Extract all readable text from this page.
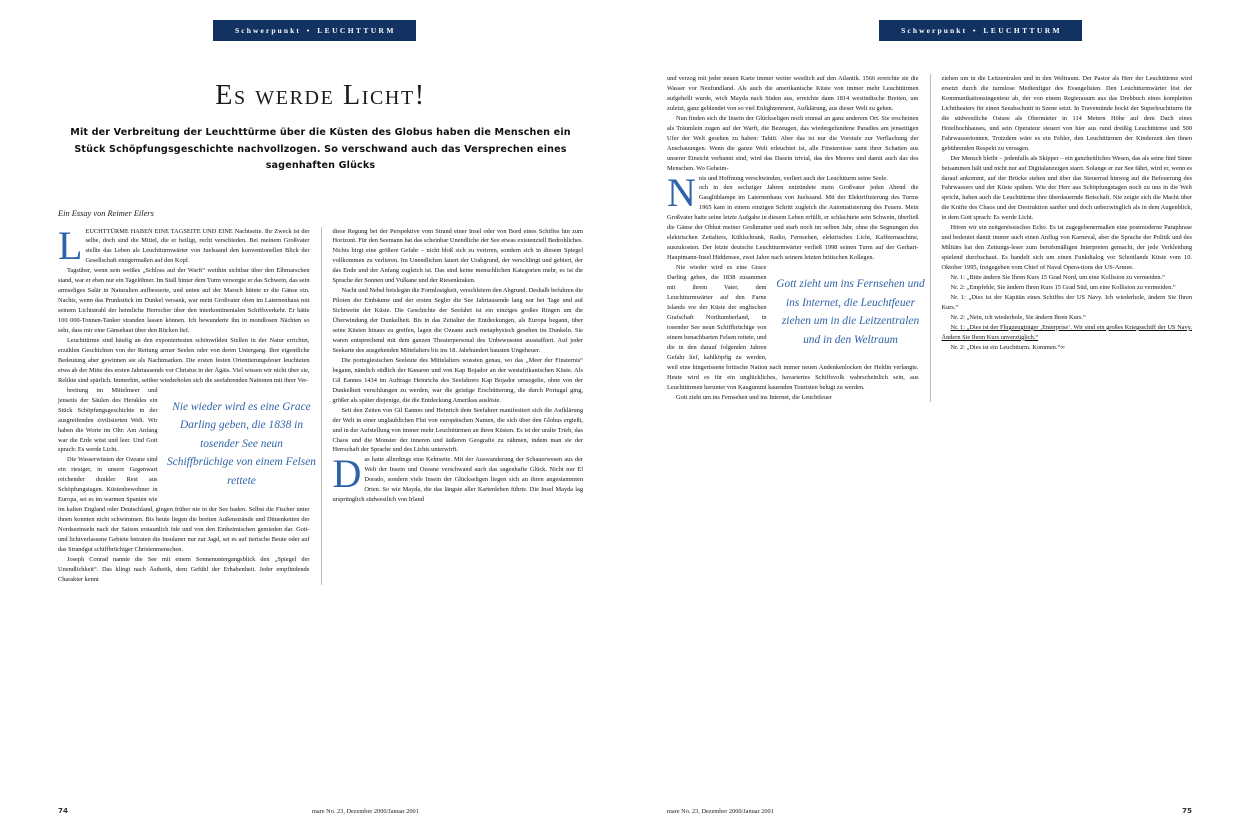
Schwerpunkt • LEUCHTTURM
Es werde Licht!
Mit der Verbreitung der Leuchttürme über die Küsten des Globus haben die Menschen ein Stück Schöpfungsgeschichte nachvollzogen. So verschwand auch das Versprechen eines sagenhaften Glücks
Ein Essay von Reimer Eilers

LEUCHTTÜRME HABEN EINE TAGSEITE UND EINE Nachtseite. Ihr Zweck ist der selbe, doch sind die Mittel, die er heiligt, recht verschieden. Bei meinem Großvater stellte das Leben als Leuchtturmwärter von Juelssand den konventionellen Blick der Gesellschaft einigermaßen auf den Kopf.

Tagsüber, wenn sein weißes „Schloss auf der Warft“ weithin sichtbar über den Elbmarschen stand, war er eben nur ein Tagelöhner. Im Stall hinter dem Turm versorgte er das Schwein, das sein armseliges Salär in Naturalien aufbesserte, und unten auf der Marsch hütete er die Gänse ein. Nachts, wenn das Prunkstück im Dunkel versank, war mein Großvater oben im Laternenhaus mit seinem Lichtstrahl der heimliche Herrscher über den interkontinentalen Schiffsverkehr. Er hätte 100 000-Tonnen-Tanker stranden lassen können. Ich bewunderte ihn in mondlosen Nächten so sehr, dass mir eine Gänsehaut über den Rücken lief.

Leuchttürme sind häufig an den exponiertesten schönwilden Stellen in der Natur errichtet, erzählen Geschichten von der Rettung armer Seelen oder von deren Untergang. Ihre eigentliche Bedeutung aber gewinnen sie als Nachtmarken. Die ersten festen Orientierungsfeuer leuchteten etwa ab der Mitte des ersten Jahrtausends vor Christus in der Ägäis. Viel wissen wir nicht über sie, Relikte sind spärlich. Immerhin, seither wiederholen sich die seefahrenden Nationen mit ihrer Ver-

Nie wieder wird es eine Grace Darling geben, die 1838 in tosender See neun Schiffbrüchige von einem Felsen rettete

breitung im Mittelmeer und jenseits der Säulen des Herakles ein Stück Schöpfungsgeschichte in der ausgreifenden zivilisierten Welt. Wir haben die Worte im Ohr: Am Anfang war die Erde wüst und leer. Und Gott sprach: Es werde Licht.

Die Wasserwüsten der Ozeane sind ein riesiger, in unsere Gegenwart reichender dunkler Rest aus Schöpfungstagen. Küstenbewohner in Europa, sei es im warmen Spanien wie im kalten England oder Deutschland, gingen früher nie in der See baden. Selbst die Fischer unter ihnen konnten nicht schwimmen. Bis heute liegen die breiten Außenstrände und Dünenketten der Nordseeinseln nach der Saison erstaunlich öde und von den Einheimischen gemieden dar. Gott- und lichtverlassene Gebiete betraten die Insulaner nur zur Jagd, sei es auf tierische Beute oder auf das Strandgut schiffbrüchiger Christenmenschen.

Joseph Conrad nannte die See mit einem Sonnenuntergangsblick den „Spiegel der Unendlichkeit“. Das klingt nach Ästhetik, dem Gefühl der Erhabenheit. Jeder empfindende Charakter kennt

diese Regung bei der Perspektive vom Strand einer Insel oder von Bord eines Schiffes hin zum Horizont. Für den Seemann hat das scheinbar Unendliche der See etwas existenziell Bedrohliches. Nichts birgt eine größere Gefahr – nicht bloß sich zu verirren, sondern sich in diesem Spiegel vollkommen zu verlieren. Im Unendlichen lauert der Urabgrund, der verschlingt und gebiert, der das Ende und der Anfang zugleich ist. Das sind keine menschlichen Kategorien mehr, es ist die Sprache der Sonnen und Vulkane und der Riesenkraken.

Nacht und Nebel beislegän die Formlosigkeit, verschleiern den Abgrund. Deshalb befuhren die Piloten der Einbäume und der ersten Segler die See Jahrtausende lang nur bei Tage und auf Sichtweite der Küste. Die Geschichte der Seefahrt ist ein einziges großes Ringen um die Überwindung der Dunkelheit. Bis in das Zeitalter der Entdeckungen, als Europa begann, über seine Küsten hinaus zu greifen, lagen die Ozeane auch metaphysisch gesehen im Dunkeln. Sie waren entsprechend mit dem ganzen Theaterpersonal des Unbewussten ausstaffiert. Auf jeder Seekarte des ausgehenden Mittelalters bis ins 18. Jahrhundert hausten Ungeheuer.

Die portugiesischen Seeleute des Mittelalters wussten genau, wo das „Meer der Finsternis“ begann, nämlich südlich der Kanaren und von Kap Bojador an der westafrikanischen Küste. Als Gil Eannes 1434 im Auftrage Heinrichs des Seefahrers Kap Bojador umsegelte, ohne von der Dunkelheit verschlungen zu werden, war die geistige Erschütterung, die durch Portugal ging, größer als später diejenige, die die Entdeckung Amerikas auslöste.

Seit den Zeiten von Gil Eannes und Heinrich dem Seefahrer manifestiert sich die Aufklärung der Welt in einer unglaublichen Flut von europäischen Namen, die sich über den Globus ergießt, und in der Aufstellung von immer mehr Leuchttürmen an ihren Küsten. Es ist der uralte Trieb, das Chaos und die Monster der inneren und äußeren Geografie zu zähmen, indem man sie der Herrschaft der Sprache und des Lichts unterwirft.

Das hatte allerdings eine Kehrseite. Mit der Auswanderung der Schauerwesen aus der Welt der Insein und Ozeane verschwand auch das sagenhafte Glück. Nicht nur El Dorado, sondern viele Insein der Glückseligen liegen sich an ihren angestammten Orten. So wie Mayda, die das längste aller Kartenleben führte. Die Insel Mayda lag ursprünglich südwestlich von Irland

74	mare No. 23, Dezember 2000/Januar 2001
Schwerpunkt • LEUCHTTURM

und verzog mit jeder neuen Karte immer weiter westlich auf den Atlantik. 1566 erreichte sie die Wasser vor Neufundland. Als auch die amerikanische Küste von immer mehr Leuchttürmen aufgehellt wurde, wich Mayda nach Süden aus, erreichte dann 1814 westindische Breiten, um zuletzt, ganz geblendet von so viel Enlightenment, Aufklärung, aus dieser Welt zu gehen.

Nun finden sich die Insein der Glückseligen noch einmal an ganz anderem Ort. Sie erscheinen als Träumlein zugen auf der Warft, die Bezeugen, das wiedergefundene Paradies am jenseitigen Ufer der Welt gesehen zu haben: Tahiti. Aber das ist nur die Vorstufe zur Verflachung der Anschauungen. Wenn die ganze Welt erleuchtet ist, alle Finsternisse samt ihrer Schatten aus unserer Einsicht verbannt sind, wird das Dasein trivial, das des Meeres und damit auch das des Menschen. Wo Geheim-

Nnis und Hoffnung verschwinden, verliert auch der Leuchtturm seine Seele.

och in den sechziger Jahren entzündete mein Großvater jeden Abend die Gasglühlampe im Laternenhaus von Juelssand. Mit der Elektrifizierung des Turms 1965 kam in einem einzigen Schritt zugleich die Automatisierung des Feuers. Mein Großvater hatte seine letzte Aufgabe in diesem Leben erfüllt, er schlachtete sein Schwein, überließ die Gänse der Obhut meiner Großmutter und starb noch im selben Jahr, ohne die Segnungen des elektrischen Zeitalters, Kühlschrank, Radio, Fernsehen, elektrisches Licht, Kaffeemaschine, auszukosten. Der letzte deutsche Leuchtturmwärter verließ 1998 seinen Turm auf der Gerhart-Hauptmann-Insel Hiddensee, zwei Jahre nach seinem letzten britischen Kollegen.

Gott zieht um ins Fernsehen und ins Internet, die Leuchtfeuer ziehen um in die Leitzentralen und in den Weltraum

Nie wieder wird es eine Grace Darling geben, die 1838 zusammen mit ihrem Vater, dem Leuchtturmwärter auf den Farne Islands vor der Küste der englischen Grafschaft Northumberland, in tosender See neun Schiffbrüchige von einem benachbarten Felsen rettete, und die in den darauf folgenden Jahren Gefahr lief, kahlköpfig zu werden, weil eine hingerissene britische Nation nach immer neuen Andenkenlocken der Heldin verlangte. Heute wird es für ein unglückliches, havariertes Schiffsvolk wahrscheinlich sein, aus Leuchttürmen herunter von Kaugummi kauenden Touristen belugt zu werden.

Gott zieht um ins Fernsehen und ins Internet, die Leuchtfeuer

ziehen um in die Leitzentralen und in den Weltraum. Der Pastor als Herr der Leuchttürme wird ersetzt durch die turmlose Medienfigur des Evangelisten. Den Leuchtturmwärter löst der Kommunikationsingenieur ab, der von einem Regierauum aus das Drehbuch eines kompletten Lichttheaters für einen Seeabschnitt in Szene setzt. In Travemünde hockt der Superleuchtturm für die südwestliche Ostsee als Obermieter in 114 Metern Höhe auf dem Dach eines Hotelhochhauses, und sein Operateur steuert von hier aus rund dreißig Leuchttürme und 500 Fahrwassertonnen. Trotzdem wäre es ein Fehler, den Leuchttürmen der Kinderzeit den ihnen gebührenden Respekt zu versagen.

Der Mensch bleibt – jedenfalls als Skipper – ein ganzheitliches Wesen, das als seine fünf Sinne beisammen hält und nicht nur auf Digitalanzeigen starrt. Solange er zur See fährt, wird er, wenn es darauf ankommt, auf der Brücke stehen und über das Steuerrad hinweg auf die Befeuerung des Fahrwassers und der Küste spähen. Wie der Herr aus Schöpfungstagen noch zu uns in die Welt spricht, haben auch die Leuchttürme ihre überdauernde Botschaft. Nie zeigte sich die Macht über die Kräfte des Chaos und der Destruktion sanfter und doch unbezwinglich als in dem Augenblick, in dem Gott sprach: Es werde Licht.

Hören wir ein zeitgenössisches Echo. Es ist zugegebenermaßen eine postmoderne Paraphrase und bedeutet damit immer auch einen Anflug von Karneval, aber die Sprache der Politik und des Militärs hat den Zeitungs-leser zum berufsmäßigen Interpreten gemacht, der jede Verkleidung spielend durchschaut. Es handelt sich um einen Funkdialog vor Schottlands Küste vom 10. Oktober 1995, freigegeben vom Chief of Naval Opera-tions der US-Armee.

Nr. 1: „Bitte ändern Sie Ihren Kurs 15 Grad Nord, um eine Kollision zu vermeiden.“

Nr. 2: „Empfehle, Sie ändern Ihren Kurs 15 Grad Süd, um eine Kollision zu vermeiden.“

Nr. 1: „Dies ist der Kapitän eines Schiffes der US Navy. Ich wiederhole, ändern Sie Ihren Kurs.“

Nr. 2: „Nein, ich wiederhole, Sie ändern Ihren Kurs.“

Nr. 1: „Dies ist der Flugzeugträger ‚Enterprise‘. Wir sind ein großes Kriegsschiff der US Navy. Ändern Sie Ihren Kurs unverzüglich.“

Nr. 2: „Dies ist ein Leuchtturm. Kommen.“∞

mare No. 23, Dezember 2000/Januar 2001	75
